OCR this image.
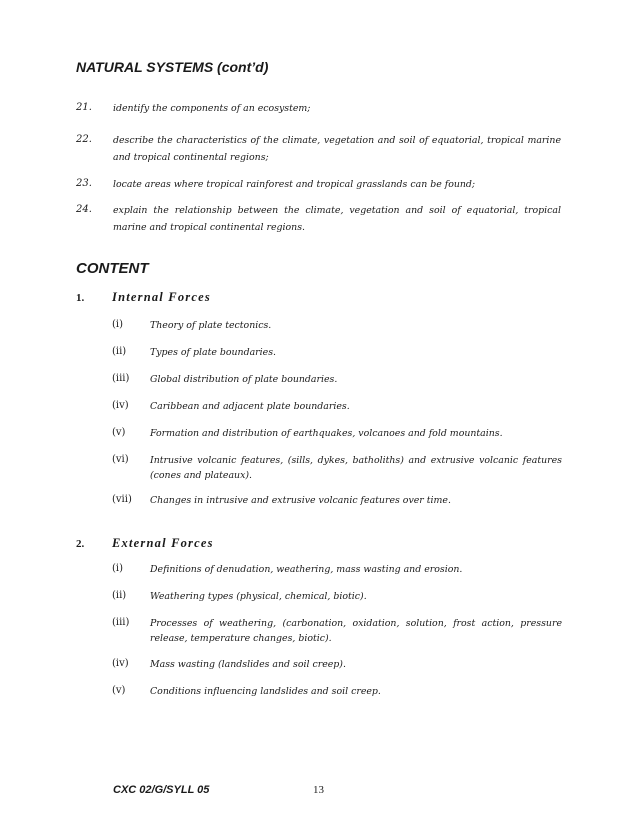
NATURAL SYSTEMS (cont’d)
21. identify the components of an ecosystem;
22. describe the characteristics of the climate, vegetation and soil of equatorial, tropical marine and tropical continental regions;
23. locate areas where tropical rainforest and tropical grasslands can be found;
24. explain the relationship between the climate, vegetation and soil of equatorial, tropical marine and tropical continental regions.
CONTENT
1. Internal Forces
(i)	Theory of plate tectonics.
(ii)	Types of plate boundaries.
(iii) Global distribution of plate boundaries.
(iv) Caribbean and adjacent plate boundaries.
(v)	Formation and distribution of earthquakes, volcanoes and fold mountains.
(vi) Intrusive volcanic features, (sills, dykes, batholiths) and extrusive volcanic features (cones and plateaux).
(vii) Changes in intrusive and extrusive volcanic features over time.
2. External Forces
(i)	Definitions of denudation, weathering, mass wasting and erosion.
(ii)	Weathering types (physical, chemical, biotic).
(iii) Processes of weathering, (carbonation, oxidation, solution, frost action, pressure release, temperature changes, biotic).
(iv) Mass wasting (landslides and soil creep).
(v)	Conditions influencing landslides and soil creep.
CXC 02/G/SYLL 05	13
